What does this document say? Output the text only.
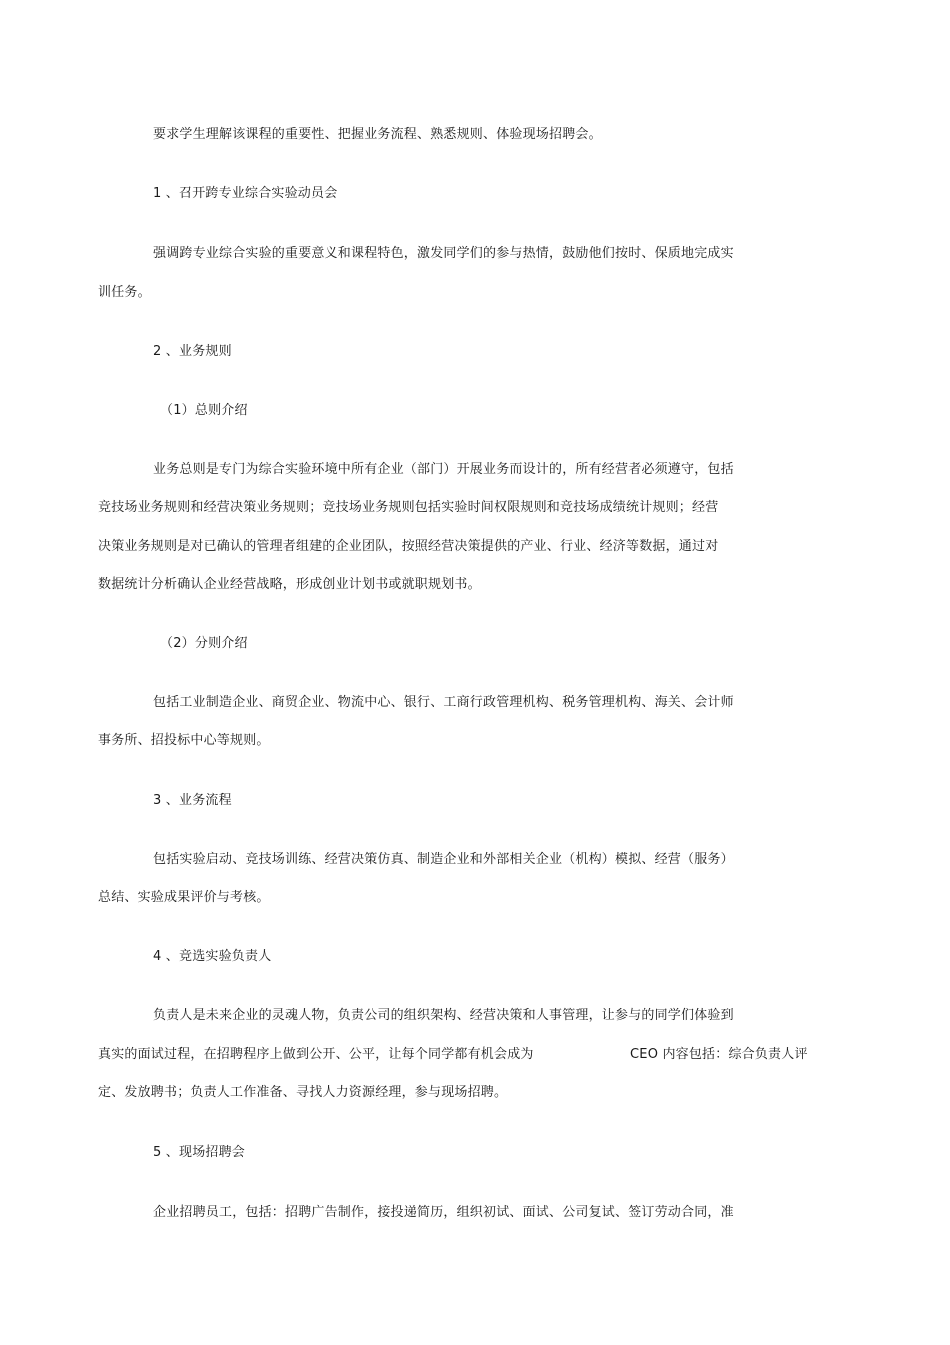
要求学生理解该课程的重要性、把握业务流程、熟悉规则、体验现场招聘会。
1 、召开跨专业综合实验动员会
强调跨专业综合实验的重要意义和课程特色，激发同学们的参与热情，鼓励他们按时、保质地完成实
训任务。
2 、业务规则
（1）总则介绍
业务总则是专门为综合实验环境中所有企业（部门）开展业务而设计的，所有经营者必须遵守，包括
竞技场业务规则和经营决策业务规则；竞技场业务规则包括实验时间权限规则和竞技场成绩统计规则；经营
决策业务规则是对已确认的管理者组建的企业团队，按照经营决策提供的产业、行业、经济等数据，通过对
数据统计分析确认企业经营战略，形成创业计划书或就职规划书。
（2）分则介绍
包括工业制造企业、商贸企业、物流中心、银行、工商行政管理机构、税务管理机构、海关、会计师
事务所、招投标中心等规则。
3 、业务流程
包括实验启动、竞技场训练、经营决策仿真、制造企业和外部相关企业（机构）模拟、经营（服务）
总结、实验成果评价与考核。
4 、竞选实验负责人
负责人是未来企业的灵魂人物，负责公司的组织架构、经营决策和人事管理，让参与的同学们体验到
真实的面试过程，在招聘程序上做到公开、公平，让每个同学都有机会成为	CEO 内容包括：综合负责人评
定、发放聘书；负责人工作准备、寻找人力资源经理，参与现场招聘。
5 、现场招聘会
企业招聘员工，包括：招聘广告制作，接投递简历，组织初试、面试、公司复试、签订劳动合同，准
